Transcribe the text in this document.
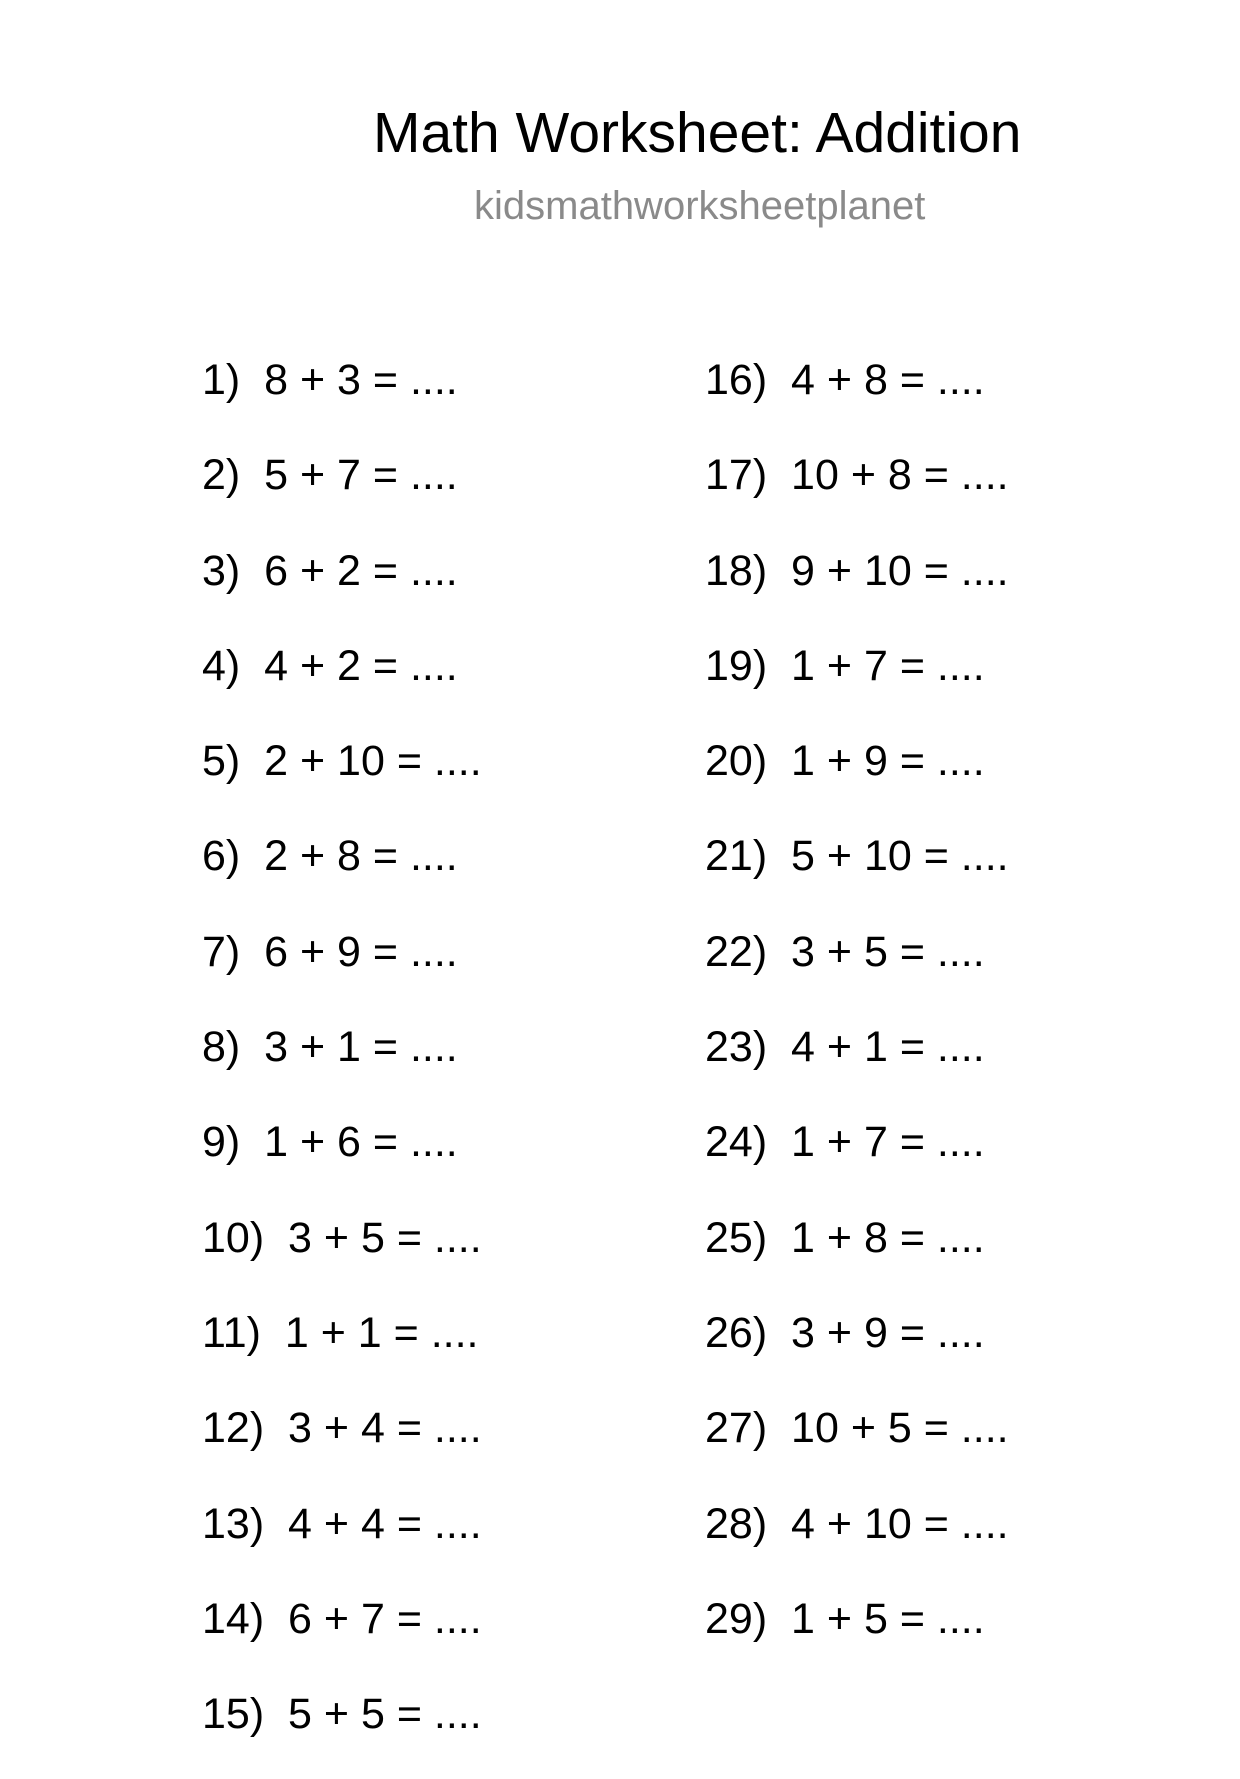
Math Worksheet: Addition
kidsmathworksheetplanet
1)  8 + 3 = ....
2)  5 + 7 = ....
3)  6 + 2 = ....
4)  4 + 2 = ....
5)  2 + 10 = ....
6)  2 + 8 = ....
7)  6 + 9 = ....
8)  3 + 1 = ....
9)  1 + 6 = ....
10)  3 + 5 = ....
11)  1 + 1 = ....
12)  3 + 4 = ....
13)  4 + 4 = ....
14)  6 + 7 = ....
15)  5 + 5 = ....
16)  4 + 8 = ....
17)  10 + 8 = ....
18)  9 + 10 = ....
19)  1 + 7 = ....
20)  1 + 9 = ....
21)  5 + 10 = ....
22)  3 + 5 = ....
23)  4 + 1 = ....
24)  1 + 7 = ....
25)  1 + 8 = ....
26)  3 + 9 = ....
27)  10 + 5 = ....
28)  4 + 10 = ....
29)  1 + 5 = ....
